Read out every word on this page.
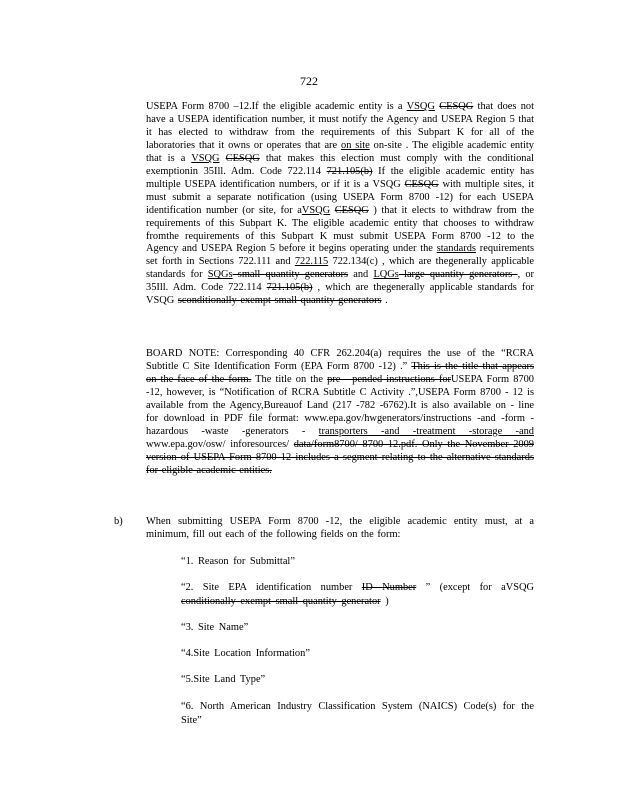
722
USEPA Form 8700 –12.If the eligible academic entity is a VSQG CESQG that does not have a USEPA identification number, it must notify the Agency and USEPA Region 5 that it has elected to withdraw from the requirements of this Subpart K for all of the laboratories that it owns or operates that are on site on-site . The eligible academic entity that is a VSQG CESQG that makes this election must comply with the conditional exemptionin 35Ill. Adm. Code 722.114 721.105(b) If the eligible academic entity has multiple USEPA identification numbers, or if it is a VSQG CESQG with multiple sites, it must submit a separate notification (using USEPA Form 8700 -12) for each USEPA identification number (or site, for aVSQG CESQG ) that it elects to withdraw from the requirements of this Subpart K. The eligible academic entity that chooses to withdraw fromthe requirements of this Subpart K must submit USEPA Form 8700 -12 to the Agency and USEPA Region 5 before it begins operating under the standards requirements set forth in Sections 722.111 and 722.115 722.134(c) , which are thegenerally applicable standards for SQGs small quantity generators and LQGs large quantity generators , or 35Ill. Adm. Code 722.114 721.105(b) , which are thegenerally applicable standards for VSQG sconditionally exempt small quantity generators .
BOARD NOTE: Corresponding 40 CFR 262.204(a) requires the use of the “RCRA Subtitle C Site Identification Form (EPA Form 8700 -12) .” This is the title that appears on the face of the form. The title on the pre - pended instructions forUSEPA Form 8700 -12, however, is “Notification of RCRA Subtitle C Activity .”,USEPA Form 8700 - 12 is available from the Agency,Bureauof Land (217 -782 -6762).It is also available on - line for download in PDF file format: www.epa.gov/hwgenerators/instructions -and -form -hazardous -waste -generators - transporters -and -treatment -storage -and www.epa.gov/osw/ inforesources/ data/form8700/ 8700 12.pdf. Only the November 2009 version of USEPA Form 8700 12 includes a segment relating to the alternative standards for eligible academic entities.
b) When submitting USEPA Form 8700 -12, the eligible academic entity must, at a minimum, fill out each of the following fields on the form:
“1. Reason for Submittal”
“2. Site EPA identification number ID Number ” (except for aVSQG conditionally exempt small quantity generator )
“3. Site Name”
“4.Site Location Information”
“5.Site Land Type”
“6. North American Industry Classification System (NAICS) Code(s) for the Site”
